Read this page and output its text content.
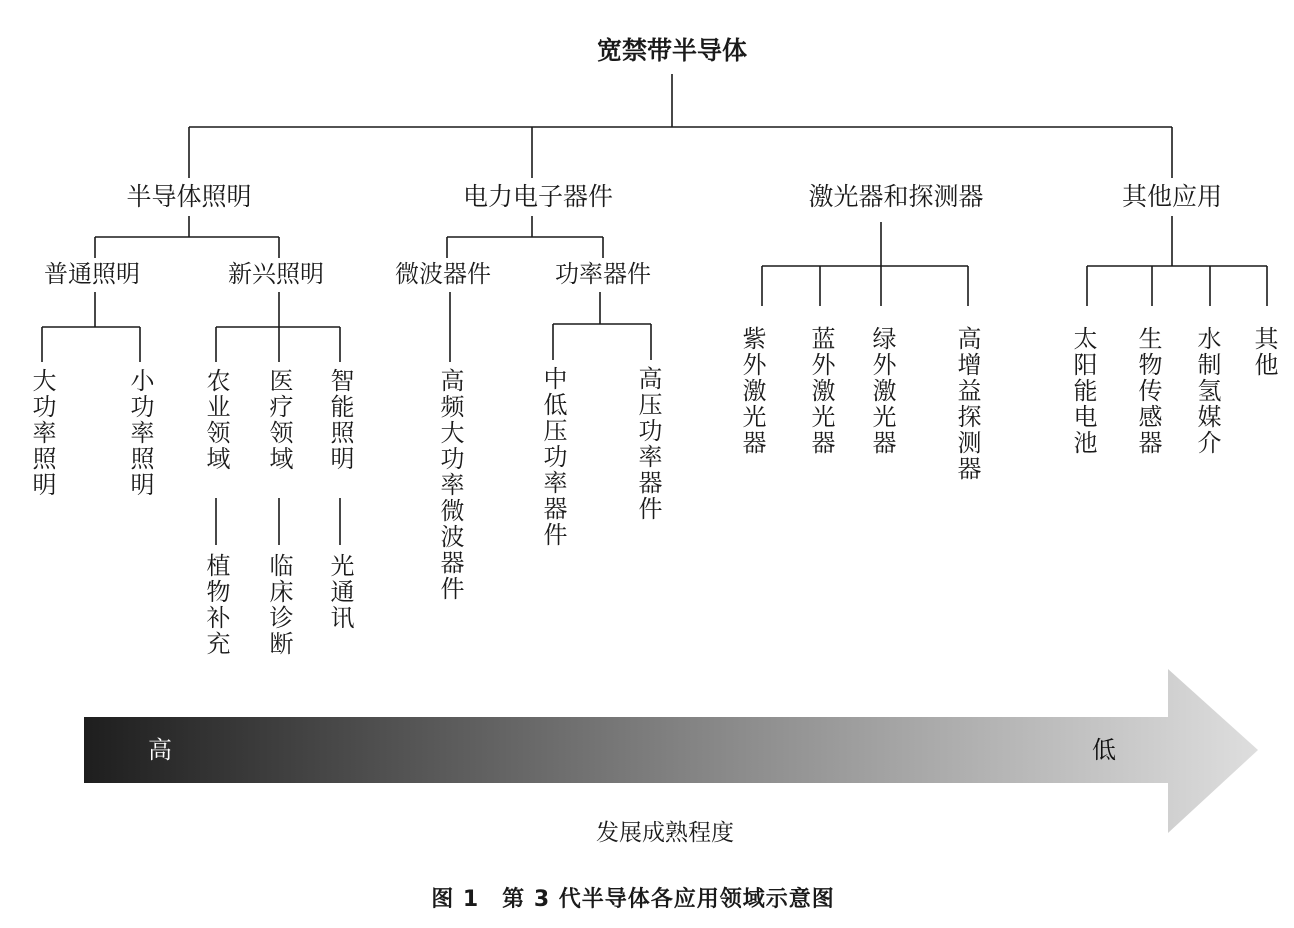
宽禁带半导体
半导体照明	电力电子器件	激光器和探测器	其他应用
普通照明	新兴照明	微波器件	功率器件
大功率照明	小功率照明 农业领域 医疗领域 智能照明
植物补充 临床诊断 光通讯	高频大功率微波器件	中低压功率器件	高压功率器件	紫外激光器 蓝外激光器 绿外激光器 高增益探测器	太阳能电池 生物传感器 水制氢媒介 其他
高	低
发展成熟程度
图 1　第 3 代半导体各应用领域示意图
